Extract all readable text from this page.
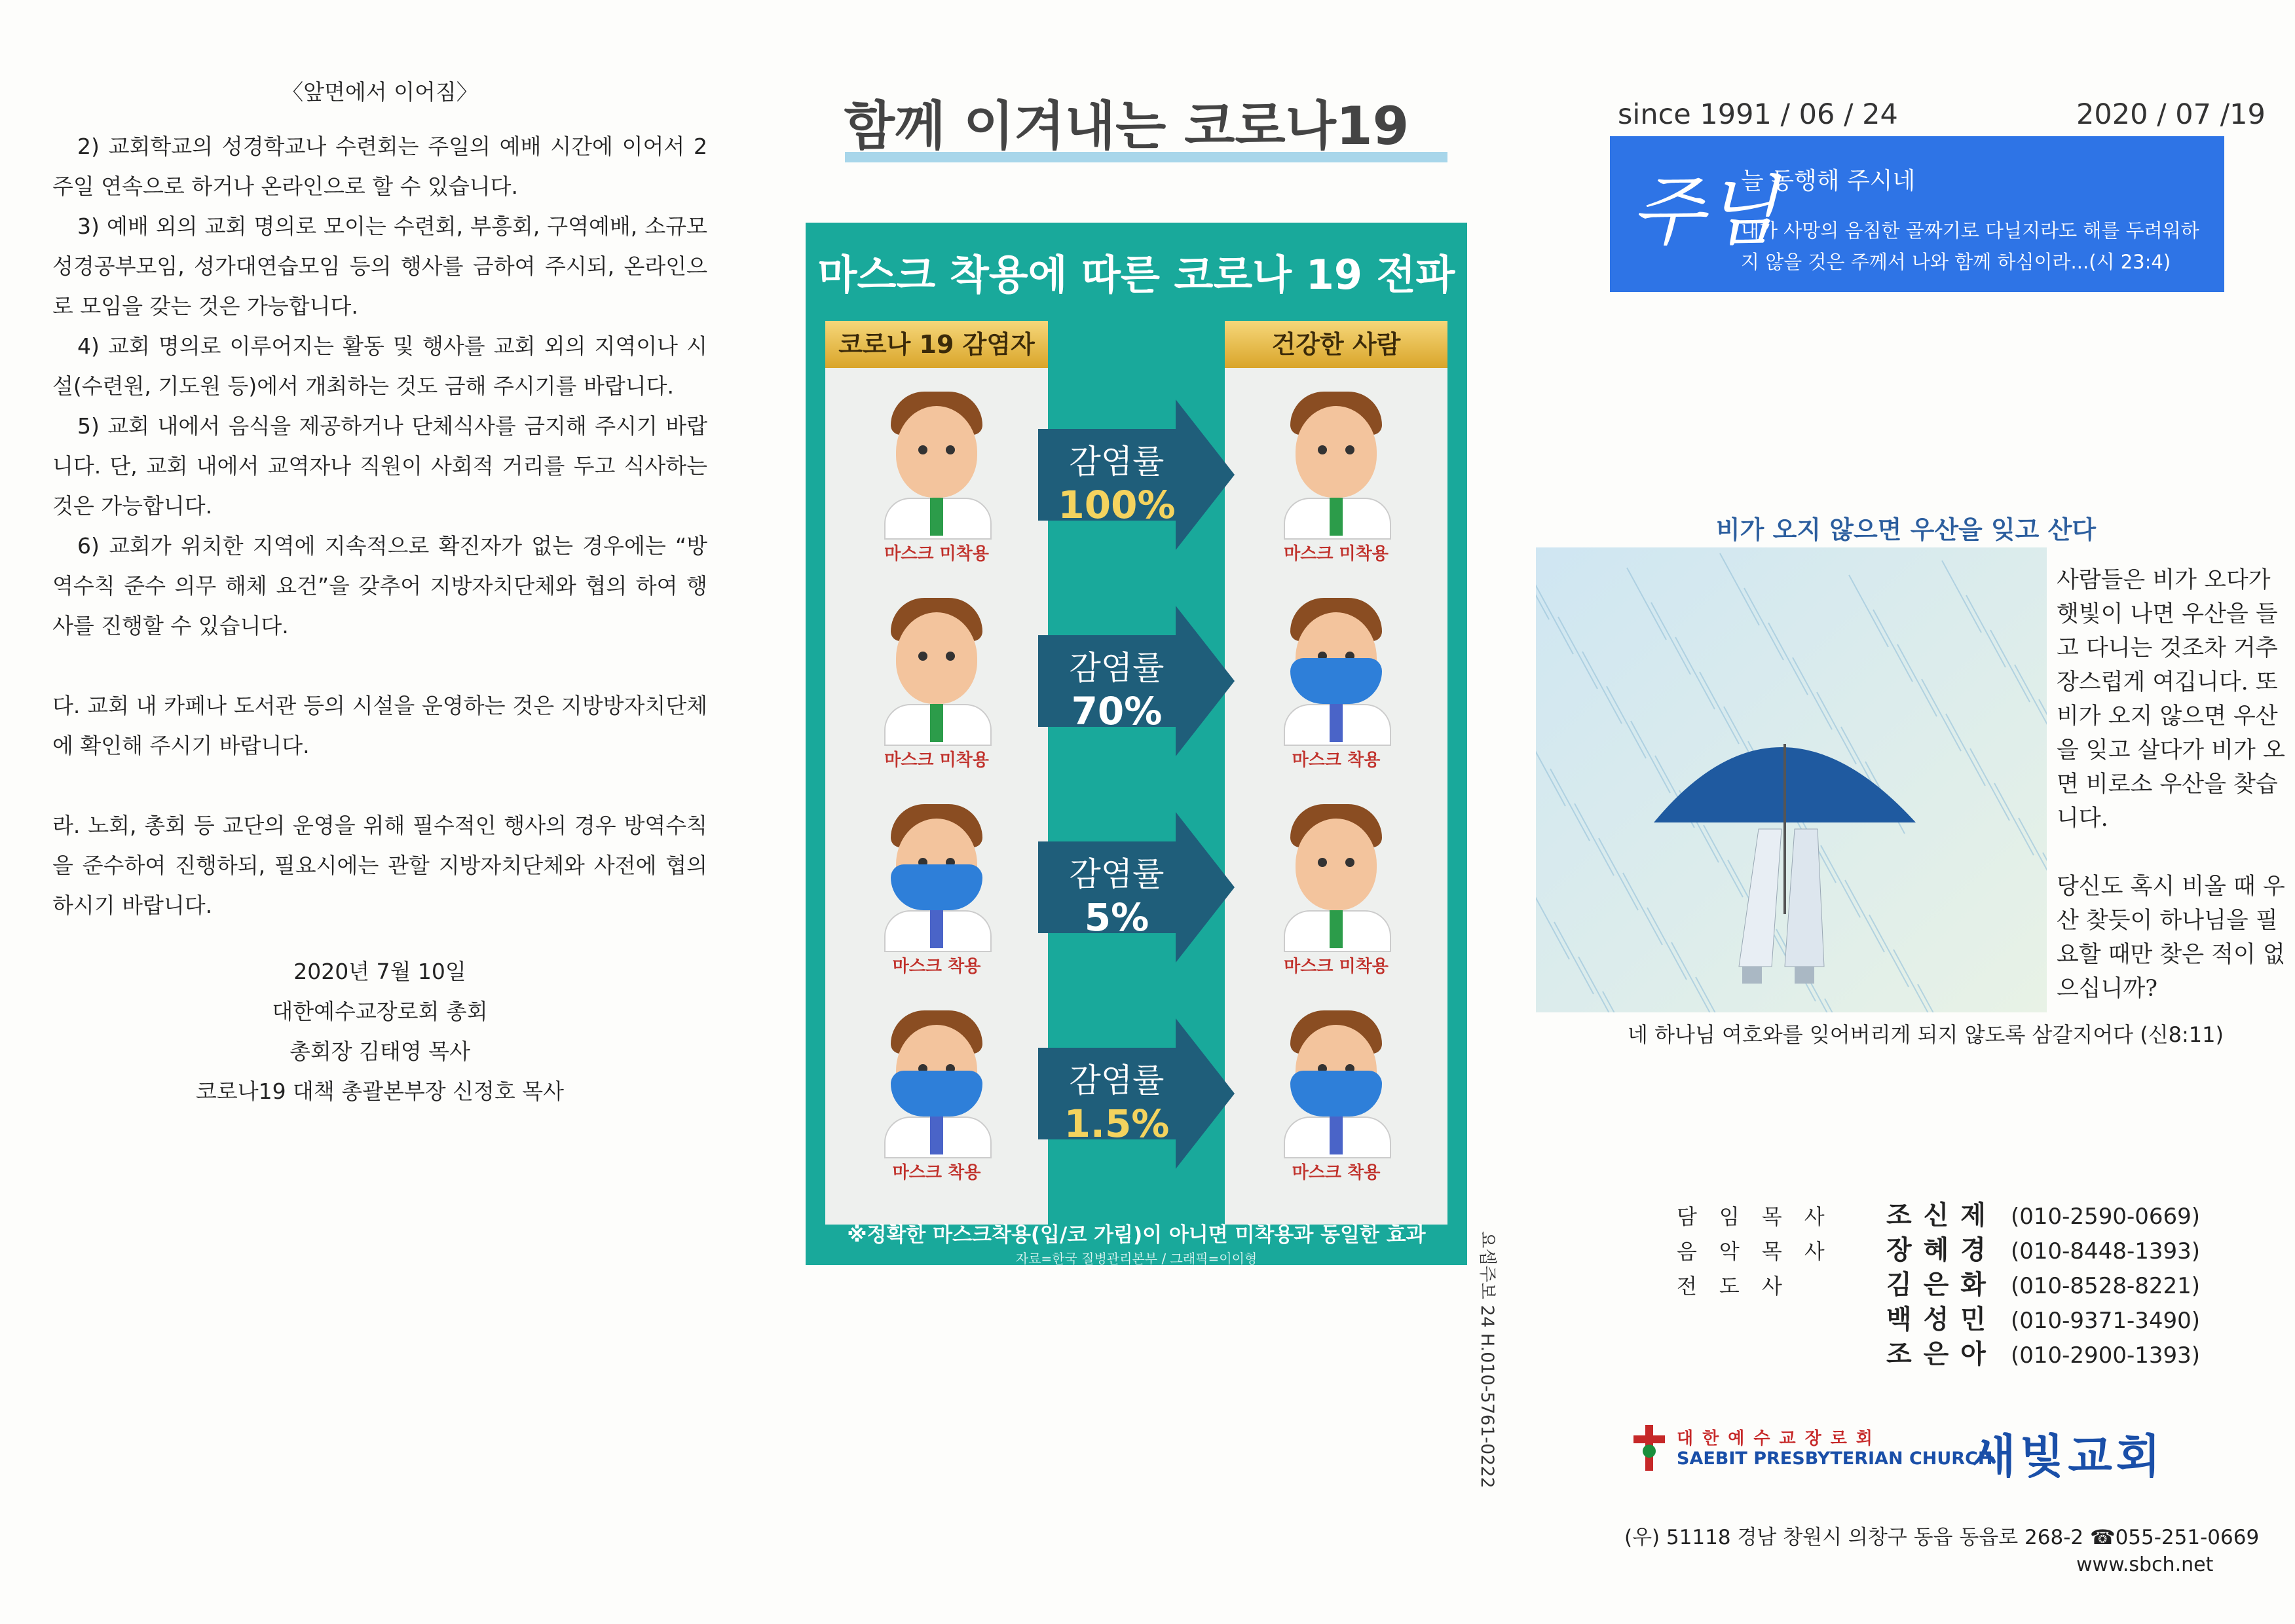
〈앞면에서 이어짐〉

2) 교회학교의 성경학교나 수련회는 주일의 예배 시간에 이어서 2주일 연속으로 하거나 온라인으로 할 수 있습니다.

3) 예배 외의 교회 명의로 모이는 수련회, 부흥회, 구역예배, 소규모 성경공부모임, 성가대연습모임 등의 행사를 금하여 주시되, 온라인으로 모임을 갖는 것은 가능합니다.

4) 교회 명의로 이루어지는 활동 및 행사를 교회 외의 지역이나 시설(수련원, 기도원 등)에서 개최하는 것도 금해 주시기를 바랍니다.

5) 교회 내에서 음식을 제공하거나 단체식사를 금지해 주시기 바랍니다. 단, 교회 내에서 교역자나 직원이 사회적 거리를 두고 식사하는 것은 가능합니다.

6) 교회가 위치한 지역에 지속적으로 확진자가 없는 경우에는 “방역수칙 준수 의무 해체 요건”을 갖추어 지방자치단체와 협의 하여 행사를 진행할 수 있습니다.

다. 교회 내 카페나 도서관 등의 시설을 운영하는 것은 지방방자치단체에 확인해 주시기 바랍니다.

라. 노회, 총회 등 교단의 운영을 위해 필수적인 행사의 경우 방역수칙을 준수하여 진행하되, 필요시에는 관할 지방자치단체와 사전에 협의하시기 바랍니다.

2020년 7월 10일
대한예수교장로회 총회
총회장 김태영 목사
코로나19 대책 총괄본부장 신정호 목사
함께 이겨내는 코로나19
마스크 착용에 따른 코로나 19 전파
코로나 19 감염자	건강한 사람
마스크 미착용
감염률
100%
마스크 미착용
마스크 미착용
감염률
70%
마스크 착용
마스크 착용
감염률
5%
마스크 미착용
마스크 착용
감염률
1.5%
마스크 착용
※정확한 마스크착용(입/코 가림)이 아니면 미착용과 동일한 효과
자료=한국 질병관리본부 / 그래픽=이이형	요셉주보 24 H.010-5761-0222
since 1991 / 06 / 24	2020 / 07 /19
주님
늘 동행해 주시네
내가 사망의 음침한 골짜기로 다닐지라도 해를 두려워하지 않을 것은 주께서 나와 함께 하심이라...(시 23:4)
비가 오지 않으면 우산을 잊고 산다

사람들은 비가 오다가 햇빛이 나면 우산을 들고 다니는 것조차 거추장스럽게 여깁니다. 또 비가 오지 않으면 우산을 잊고 살다가 비가 오면 비로소 우산을 찾습니다.

당신도 혹시 비올 때 우산 찾듯이 하나님을 필요할 때만 찾은 적이 없으십니까?

네 하나님 여호와를 잊어버리게 되지 않도록 삼갈지어다 (신8:11)
담임목사 조신제 (010-2590-0669)
음악목사 장혜경 (010-8448-1393)
전도사	김은화 (010-8528-8221)
백성민 (010-9371-3490)
조은아 (010-2900-1393)
대한예수교장로회
SAEBIT PRESBYTERIAN CHURCH
새빛교회
(우) 51118 경남 창원시 의창구 동읍 동읍로 268-2 ☎055-251-0669
www.sbch.net
